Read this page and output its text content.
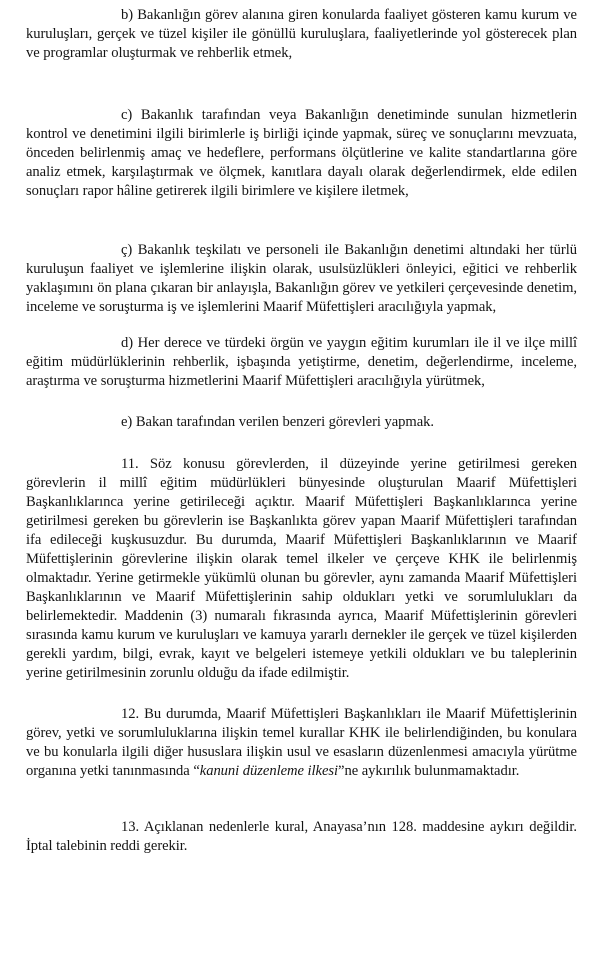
b) Bakanlığın görev alanına giren konularda faaliyet gösteren kamu kurum ve kuruluşları, gerçek ve tüzel kişiler ile gönüllü kuruluşlara, faaliyetlerinde yol gösterecek plan ve programlar oluşturmak ve rehberlik etmek,

c) Bakanlık tarafından veya Bakanlığın denetiminde sunulan hizmetlerin kontrol ve denetimini ilgili birimlerle iş birliği içinde yapmak, süreç ve sonuçlarını mevzuata, önceden belirlenmiş amaç ve hedeflere, performans ölçütlerine ve kalite standartlarına göre analiz etmek, karşılaştırmak ve ölçmek, kanıtlara dayalı olarak değerlendirmek, elde edilen sonuçları rapor hâline getirerek ilgili birimlere ve kişilere iletmek,

ç) Bakanlık teşkilatı ve personeli ile Bakanlığın denetimi altındaki her türlü kuruluşun faaliyet ve işlemlerine ilişkin olarak, usulsüzlükleri önleyici, eğitici ve rehberlik yaklaşımını ön plana çıkaran bir anlayışla, Bakanlığın görev ve yetkileri çerçevesinde denetim, inceleme ve soruşturma iş ve işlemlerini Maarif Müfettişleri aracılığıyla yapmak,

d) Her derece ve türdeki örgün ve yaygın eğitim kurumları ile il ve ilçe millî eğitim müdürlüklerinin rehberlik, işbaşında yetiştirme, denetim, değerlendirme, inceleme, araştırma ve soruşturma hizmetlerini Maarif Müfettişleri aracılığıyla yürütmek,

e) Bakan tarafından verilen benzeri görevleri yapmak.

11. Söz konusu görevlerden, il düzeyinde yerine getirilmesi gereken görevlerin il millî eğitim müdürlükleri bünyesinde oluşturulan Maarif Müfettişleri Başkanlıklarınca yerine getirileceği açıktır. Maarif Müfettişleri Başkanlıklarınca yerine getirilmesi gereken bu görevlerin ise Başkanlıkta görev yapan Maarif Müfettişleri tarafından ifa edileceği kuşkusuzdur. Bu durumda, Maarif Müfettişleri Başkanlıklarının ve Maarif Müfettişlerinin görevlerine ilişkin olarak temel ilkeler ve çerçeve KHK ile belirlenmiş olmaktadır. Yerine getirmekle yükümlü olunan bu görevler, aynı zamanda Maarif Müfettişleri Başkanlıklarının ve Maarif Müfettişlerinin sahip oldukları yetki ve sorumlulukları da belirlemektedir. Maddenin (3) numaralı fıkrasında ayrıca, Maarif Müfettişlerinin görevleri sırasında kamu kurum ve kuruluşları ve kamuya yararlı dernekler ile gerçek ve tüzel kişilerden gerekli yardım, bilgi, evrak, kayıt ve belgeleri istemeye yetkili oldukları ve bu taleplerinin yerine getirilmesinin zorunlu olduğu da ifade edilmiştir.

12. Bu durumda, Maarif Müfettişleri Başkanlıkları ile Maarif Müfettişlerinin görev, yetki ve sorumluluklarına ilişkin temel kurallar KHK ile belirlendiğinden, bu konulara ve bu konularla ilgili diğer hususlara ilişkin usul ve esasların düzenlenmesi amacıyla yürütme organına yetki tanınmasında “kanuni düzenleme ilkesi”ne aykırılık bulunmamaktadır.

13. Açıklanan nedenlerle kural, Anayasa’nın 128. maddesine aykırı değildir. İptal talebinin reddi gerekir.
